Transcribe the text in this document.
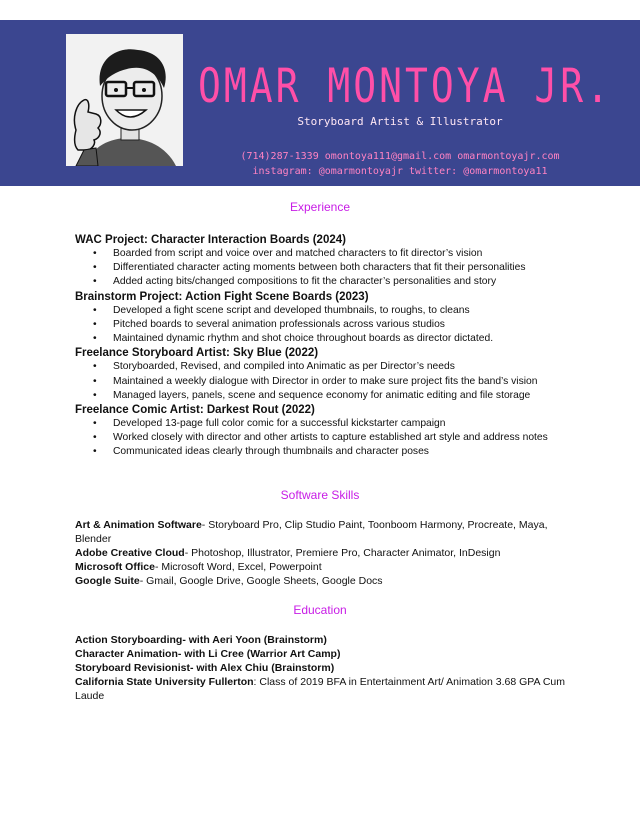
OMAR MONTOYA JR.
Storyboard Artist & Illustrator
(714)287-1339 omontoya111@gmail.com omarmontoyajr.com
instagram: @omarmontoyajr twitter: @omarmontoya11
Experience
WAC Project: Character Interaction Boards (2024)
• Boarded from script and voice over and matched characters to fit director’s vision
• Differentiated character acting moments between both characters that fit their personalities
• Added acting bits/changed compositions to fit the character’s personalities and story
Brainstorm Project: Action Fight Scene Boards (2023)
• Developed a fight scene script and developed thumbnails, to roughs, to cleans
• Pitched boards to several animation professionals across various studios
• Maintained dynamic rhythm and shot choice throughout boards as director dictated.
Freelance Storyboard Artist: Sky Blue (2022)
• Storyboarded, Revised, and compiled into Animatic as per Director’s needs
• Maintained a weekly dialogue with Director in order to make sure project fits the band’s vision
• Managed layers, panels, scene and sequence economy for animatic editing and file storage
Freelance Comic Artist: Darkest Rout (2022)
• Developed 13-page full color comic for a successful kickstarter campaign
• Worked closely with director and other artists to capture established art style and address notes
• Communicated ideas clearly through thumbnails and character poses
Software Skills
Art & Animation Software- Storyboard Pro, Clip Studio Paint, Toonboom Harmony, Procreate, Maya, Blender
Adobe Creative Cloud- Photoshop, Illustrator, Premiere Pro, Character Animator, InDesign
Microsoft Office- Microsoft Word, Excel, Powerpoint
Google Suite- Gmail, Google Drive, Google Sheets, Google Docs
Education
Action Storyboarding- with Aeri Yoon (Brainstorm)
Character Animation- with Li Cree (Warrior Art Camp)
Storyboard Revisionist- with Alex Chiu (Brainstorm)
California State University Fullerton: Class of 2019 BFA in Entertainment Art/ Animation 3.68 GPA Cum Laude
